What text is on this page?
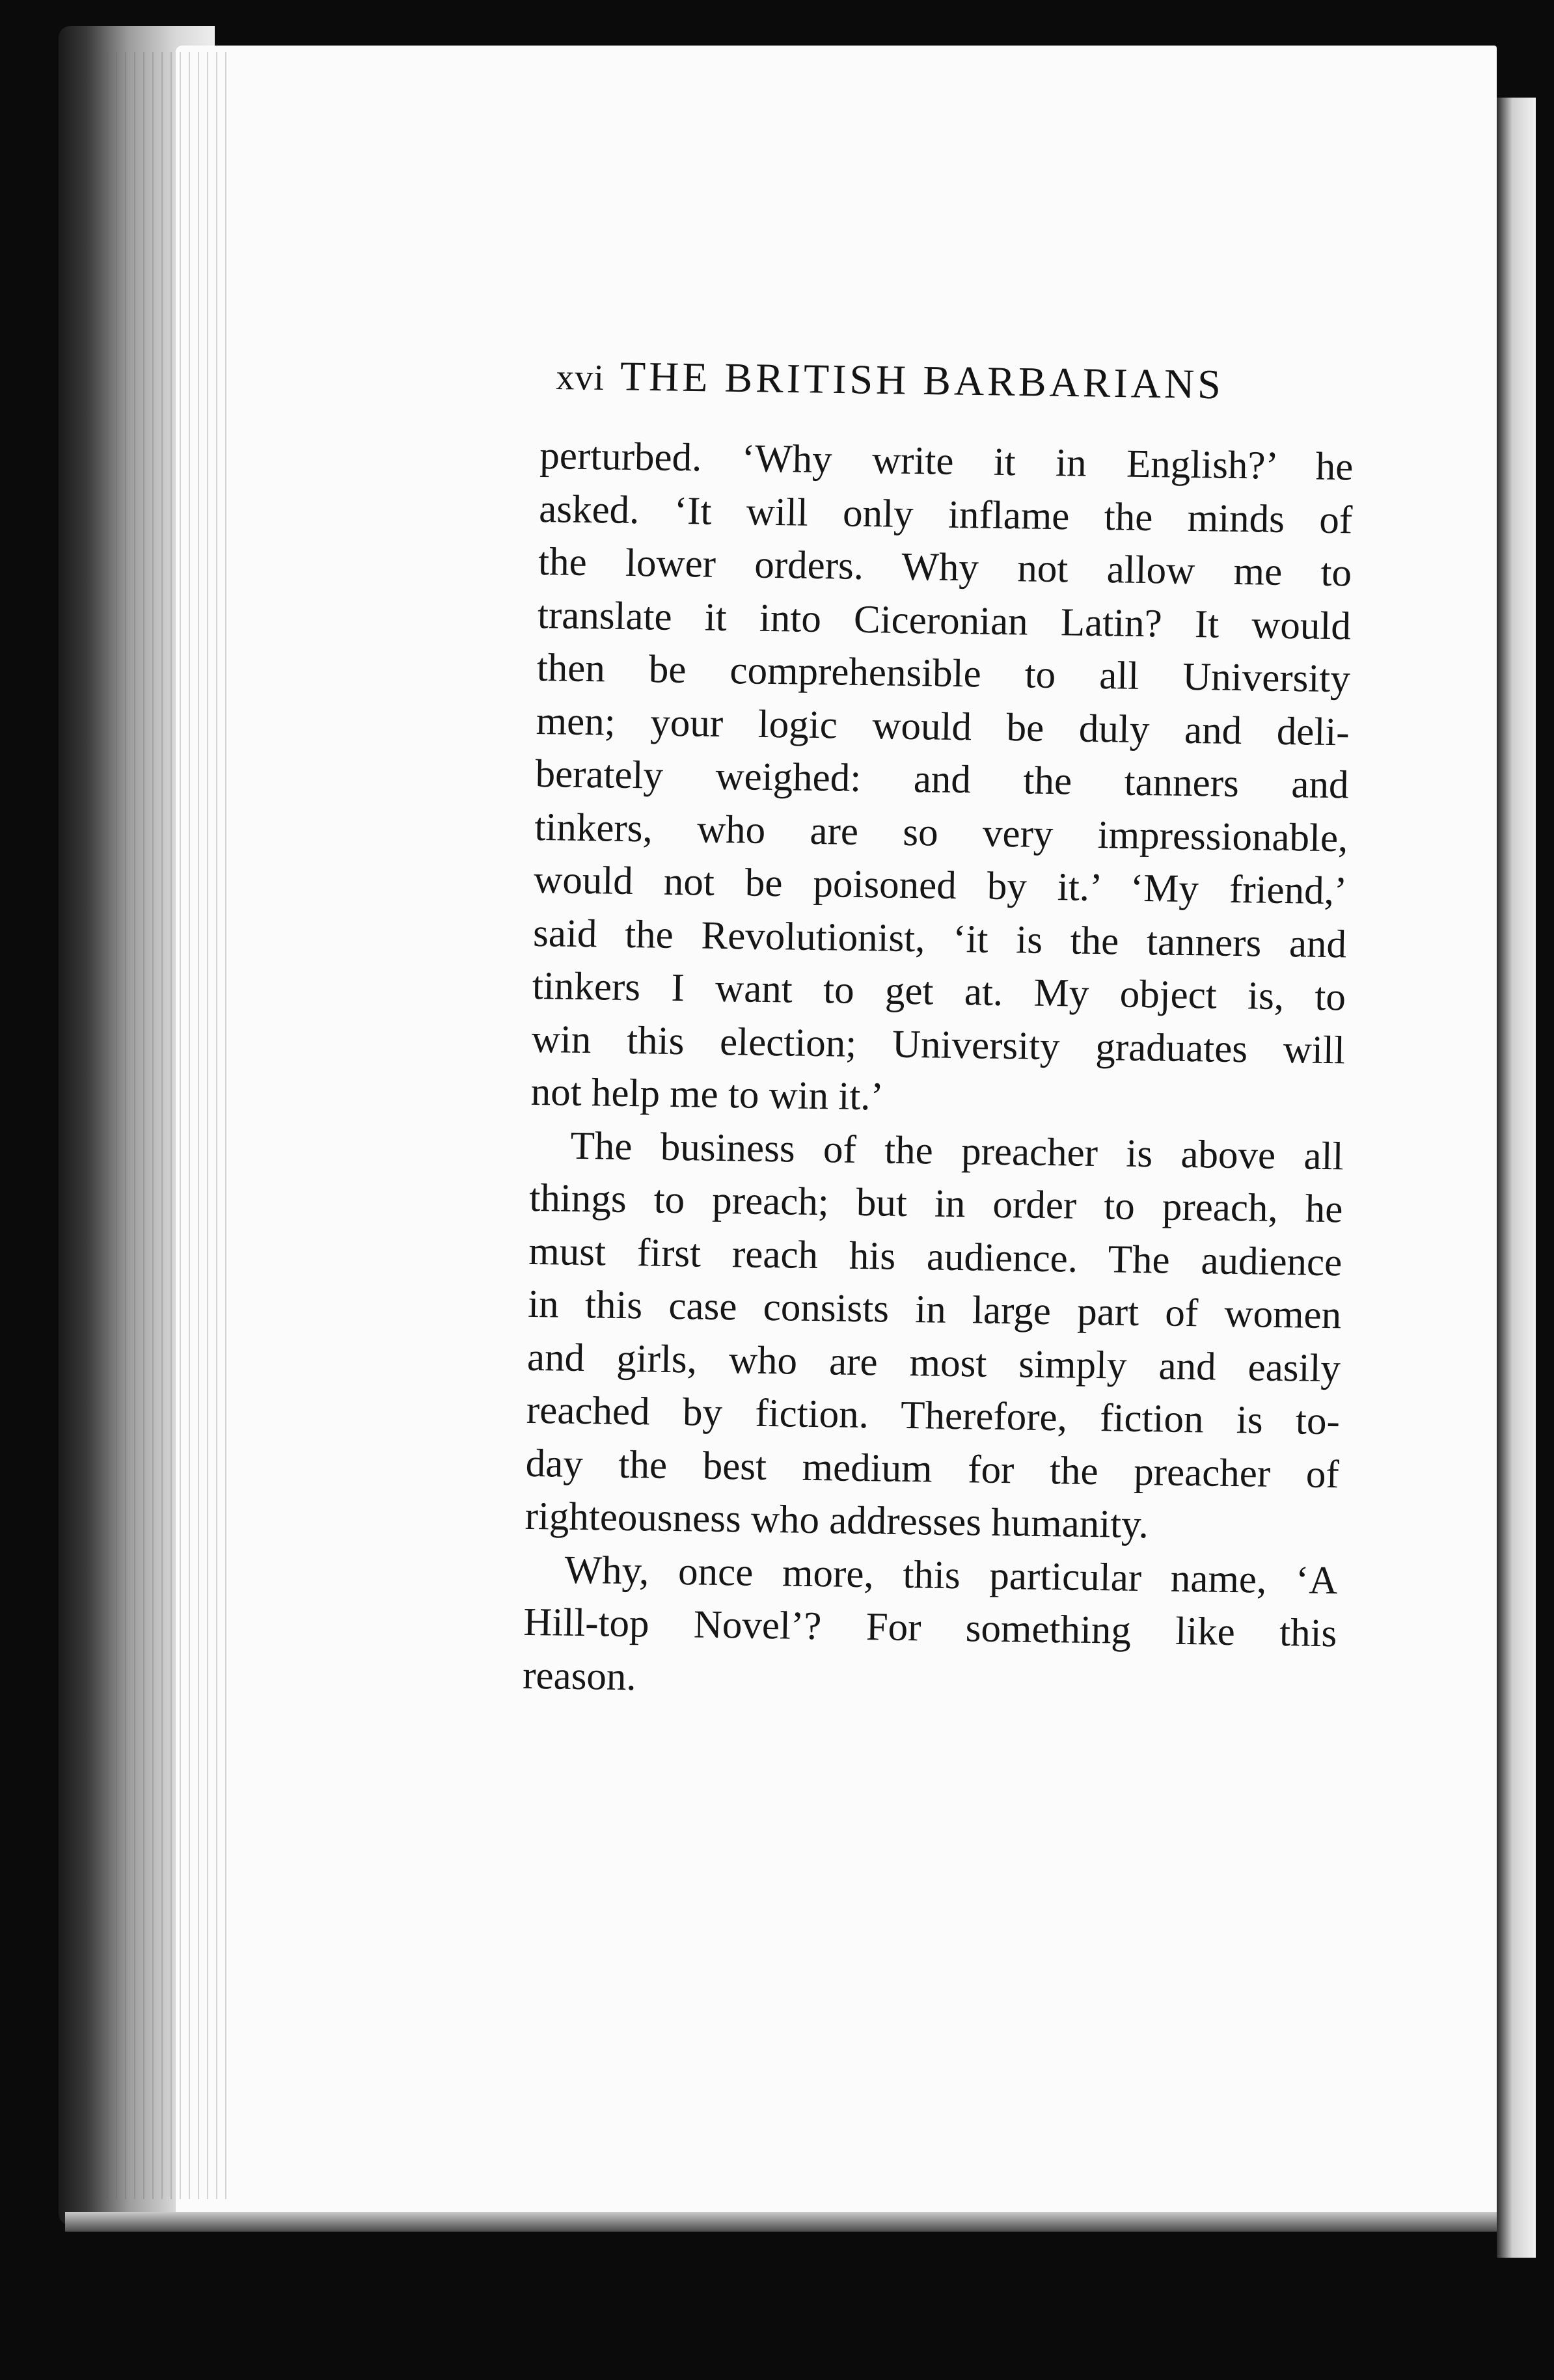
xvi THE BRITISH BARBARIANS
perturbed. ‘Why write it in English?’ he
asked. ‘It will only inflame the minds of
the lower orders. Why not allow me to
translate it into Ciceronian Latin? It would
then be comprehensible to all University
men; your logic would be duly and deli-
berately weighed: and the tanners and
tinkers, who are so very impressionable,
would not be poisoned by it.’ ‘My friend,’
said the Revolutionist, ‘it is the tanners and
tinkers I want to get at. My object is, to
win this election; University graduates will
not help me to win it.’
The business of the preacher is above all
things to preach; but in order to preach, he
must first reach his audience. The audience
in this case consists in large part of women
and girls, who are most simply and easily
reached by fiction. Therefore, fiction is to-
day the best medium for the preacher of
righteousness who addresses humanity.
Why, once more, this particular name, ‘A
Hill-top Novel’? For something like this
reason.
